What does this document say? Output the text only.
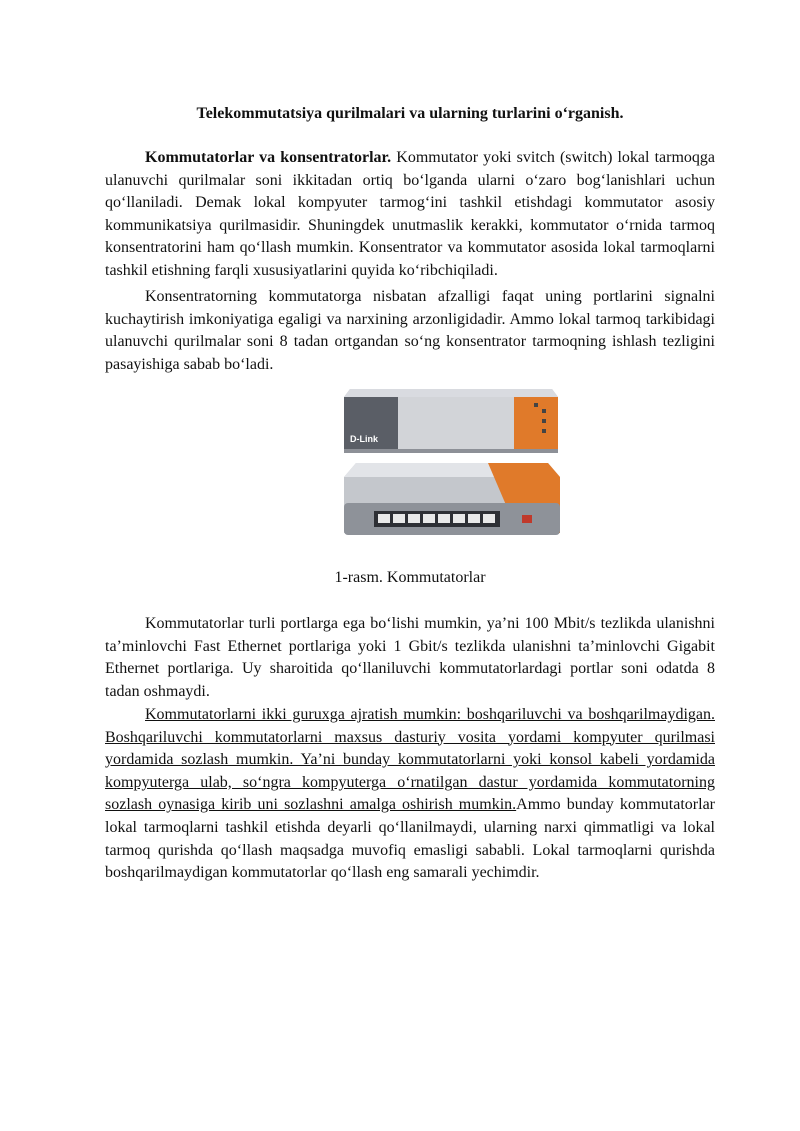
Telekommutatsiya qurilmalari va ularning turlarini o‘rganish.

Kommutatorlar va konsentratorlar. Kommutator yoki svitch (switch) lokal tarmoqga ulanuvchi qurilmalar soni ikkitadan ortiq bo‘lganda ularni o‘zaro bog‘lanishlari uchun qo‘llaniladi. Demak lokal kompyuter tarmog‘ini tashkil etishdagi kommutator asosiy kommunikatsiya qurilmasidir. Shuningdek unutmaslik kerakki, kommutator o‘rnida tarmoq konsentratorini ham qo‘llash mumkin. Konsentrator va kommutator asosida lokal tarmoqlarni tashkil etishning farqli xususiyatlarini quyida ko‘ribchiqiladi.

Konsentratorning kommutatorga nisbatan afzalligi faqat uning portlarini signalni kuchaytirish imkoniyatiga egaligi va narxining arzonligidadir. Ammo lokal tarmoq tarkibidagi ulanuvchi qurilmalar soni 8 tadan ortgandan so‘ng konsentrator tarmoqning ishlash tezligini pasayishiga sabab bo‘ladi.

D-Link

1-rasm. Kommutatorlar

Kommutatorlar turli portlarga ega bo‘lishi mumkin, ya’ni 100 Mbit/s tezlikda ulanishni ta’minlovchi Fast Ethernet portlariga yoki 1 Gbit/s tezlikda ulanishni ta’minlovchi Gigabit Ethernet portlariga. Uy sharoitida qo‘llaniluvchi kommutatorlardagi portlar soni odatda 8 tadan oshmaydi.

Kommutatorlarni ikki guruxga ajratish mumkin: boshqariluvchi va boshqarilmaydigan. Boshqariluvchi kommutatorlarni maxsus dasturiy vosita yordami kompyuter qurilmasi yordamida sozlash mumkin. Ya’ni bunday kommutatorlarni yoki konsol kabeli yordamida kompyuterga ulab, so‘ngra kompyuterga o‘rnatilgan dastur yordamida kommutatorning sozlash oynasiga kirib uni sozlashni amalga oshirish mumkin.Ammo bunday kommutatorlar lokal tarmoqlarni tashkil etishda deyarli qo‘llanilmaydi, ularning narxi qimmatligi va lokal tarmoq qurishda qo‘llash maqsadga muvofiq emasligi sababli. Lokal tarmoqlarni qurishda boshqarilmaydigan kommutatorlar qo‘llash eng samarali yechimdir.
